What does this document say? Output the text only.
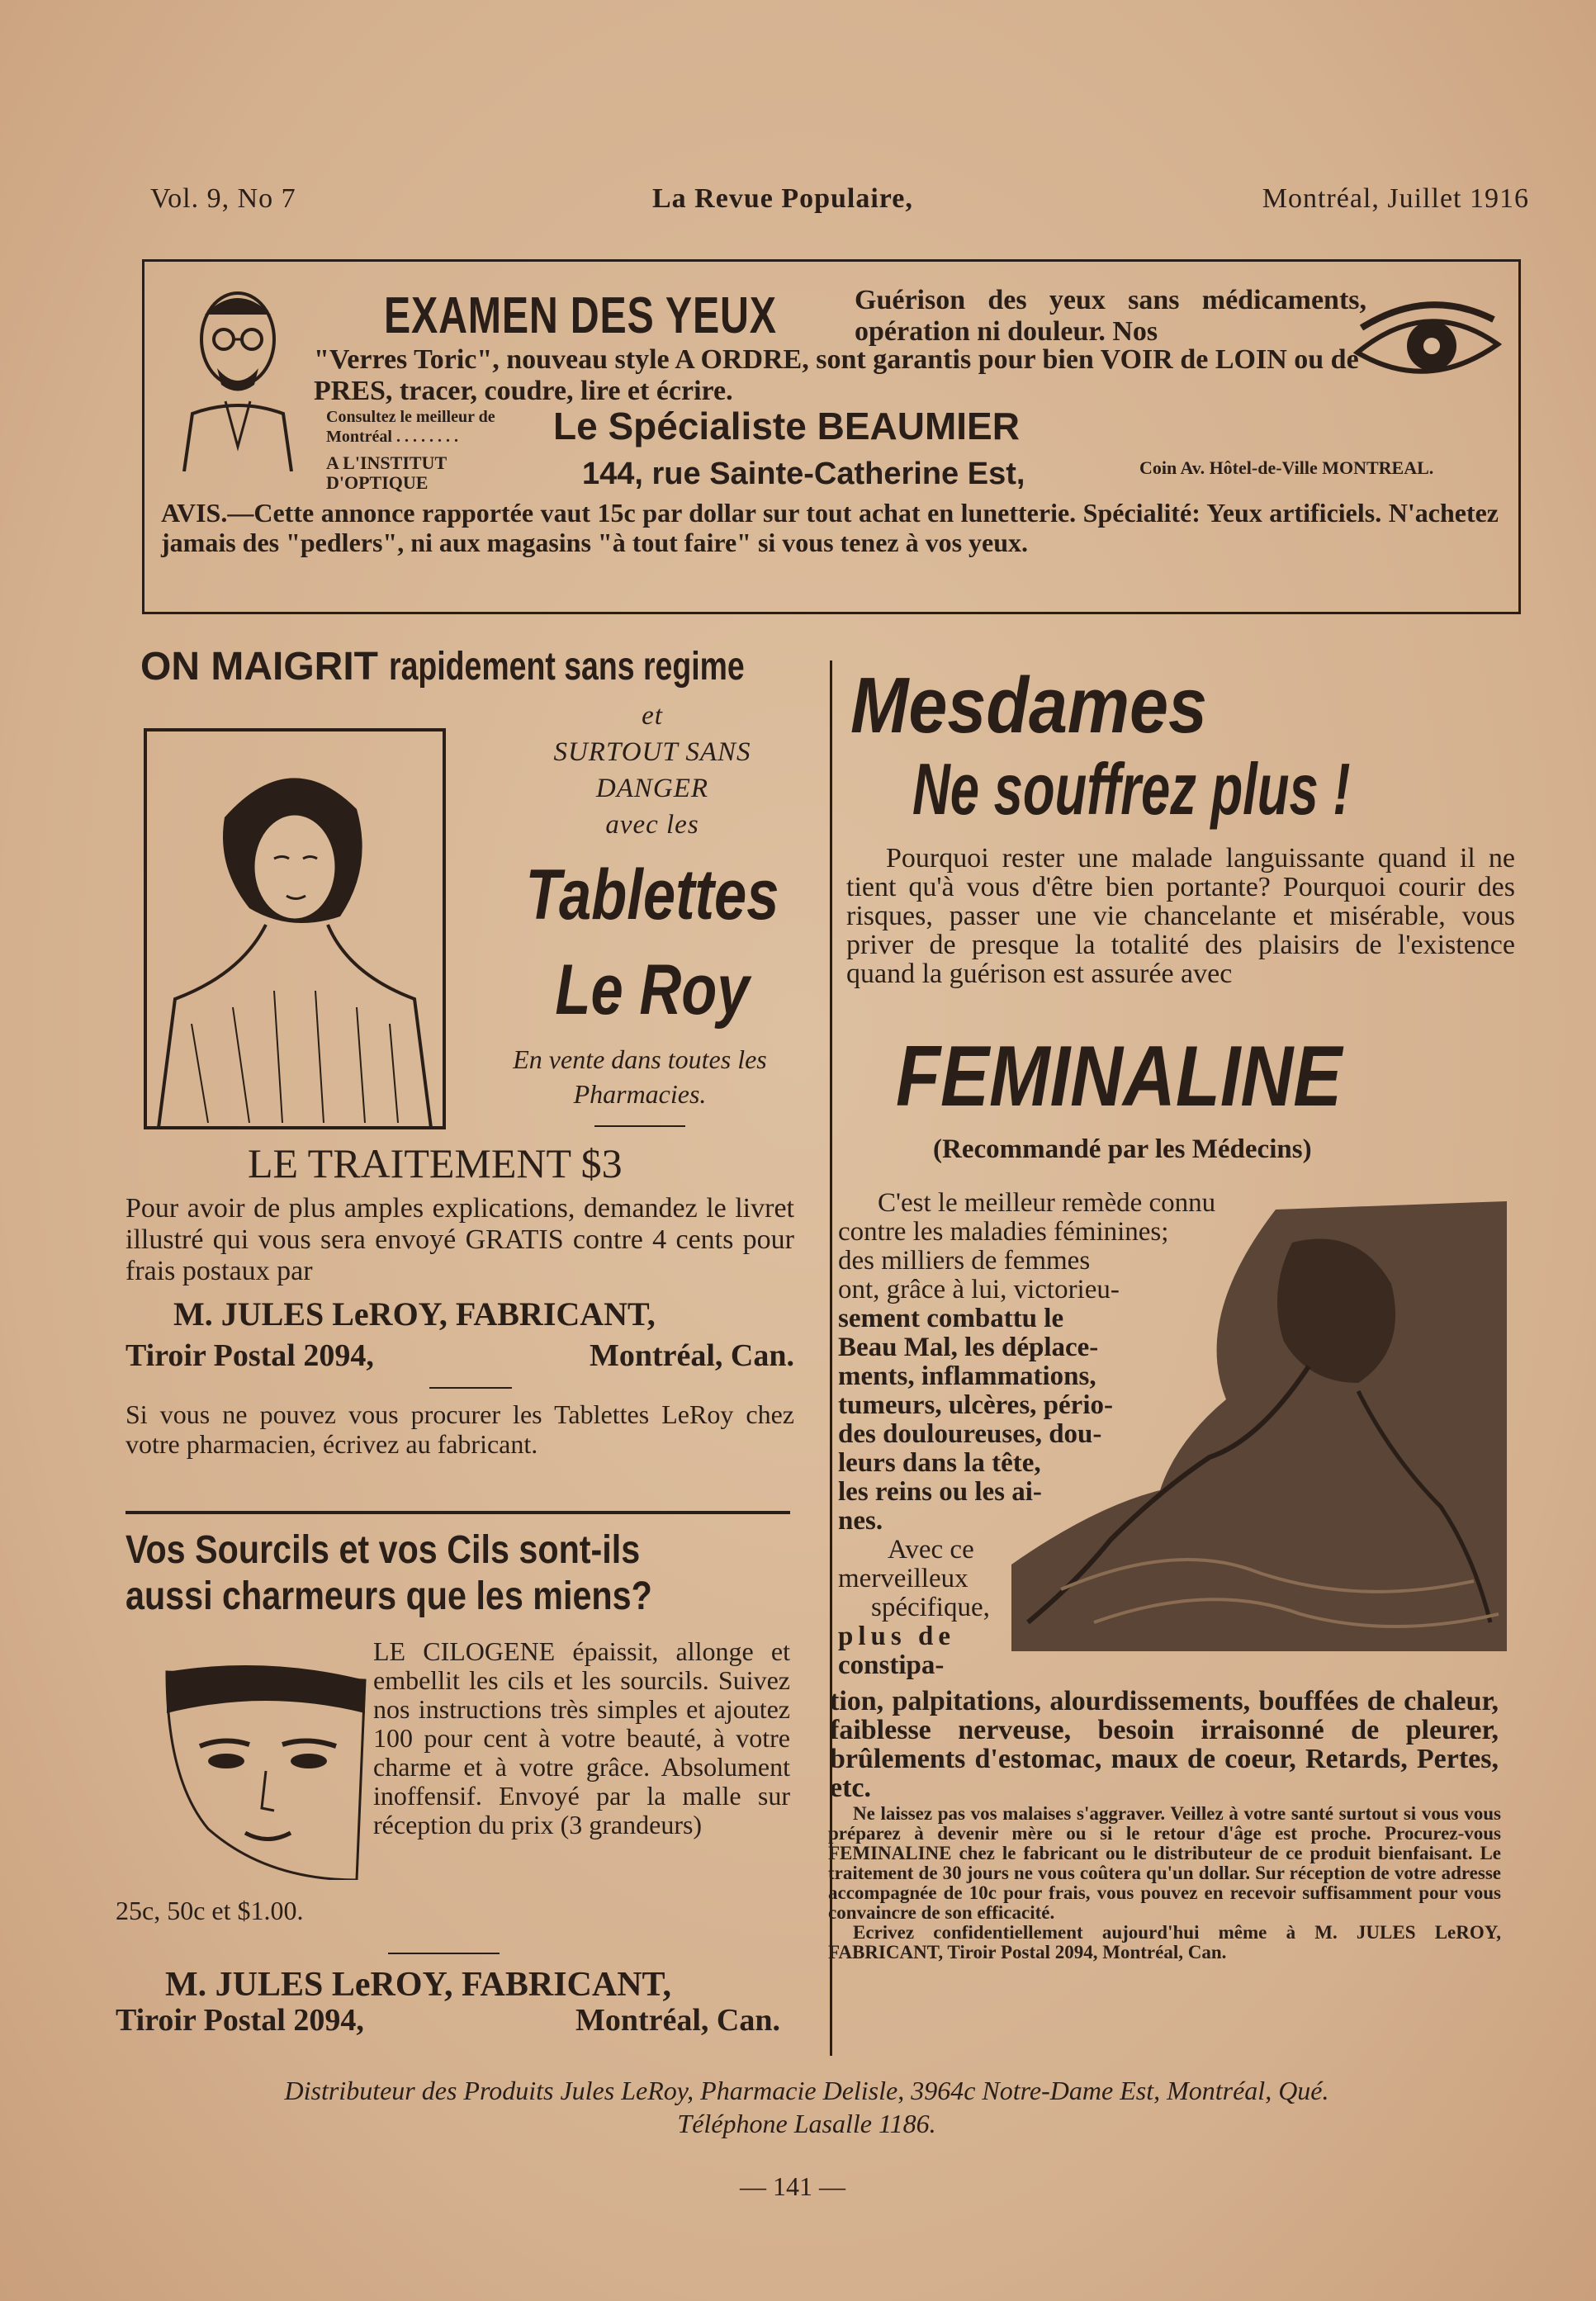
Vol. 9, No 7	La Revue Populaire,	Montréal, Juillet 1916
EXAMEN DES YEUX	Guérison des yeux sans médicaments, opération ni douleur. Nos
"Verres Toric", nouveau style A ORDRE, sont garantis pour bien VOIR de LOIN ou de PRES, tracer, coudre, lire et écrire.
Consultez le meilleur de Montréal . . . . . . . .	Le Spécialiste BEAUMIER
A L'INSTITUT D'OPTIQUE	144, rue Sainte-Catherine Est,	Coin Av. Hôtel-de-Ville MONTREAL.
AVIS.—Cette annonce rapportée vaut 15c par dollar sur tout achat en lunetterie. Spécialité: Yeux artificiels. N'achetez jamais des "pedlers", ni aux magasins "à tout faire" si vous tenez à vos yeux.
ON MAIGRIT rapidement sans regime
et
SURTOUT SANS DANGER
avec les
Tablettes
Le Roy
En vente dans toutes les Pharmacies.
LE TRAITEMENT $3
Pour avoir de plus amples explications, demandez le livret illustré qui vous sera envoyé GRATIS contre 4 cents pour frais postaux par
M. JULES LeROY, FABRICANT,
Tiroir Postal 2094,	Montréal, Can.
Si vous ne pouvez vous procurer les Tablettes LeRoy chez votre pharmacien, écrivez au fabricant.
Vos Sourcils et vos Cils sont-ils
aussi charmeurs que les miens?
LE CILOGENE épaissit, allonge et embellit les cils et les sourcils. Suivez nos instructions très simples et ajoutez 100 pour cent à votre beauté, à votre charme et à votre grâce. Absolument inoffensif. Envoyé par la malle sur réception du prix (3 grandeurs)
25c, 50c et $1.00.
M. JULES LeROY, FABRICANT,
Tiroir Postal 2094,	Montréal, Can.
Mesdames
Ne souffrez plus !
Pourquoi rester une malade languissante quand il ne tient qu'à vous d'être bien portante? Pourquoi courir des risques, passer une vie chancelante et misérable, vous priver de presque la totalité des plaisirs de l'existence quand la guérison est assurée avec
FEMINALINE
(Recommandé par les Médecins)
C'est le meilleur remède connu
contre les maladies féminines;
des milliers de femmes
ont, grâce à lui, victorieu-
sement combattu le
Beau Mal, les déplace-
ments, inflammations,
tumeurs, ulcères, pério-
des douloureuses, dou-
leurs dans la tête,
les reins ou les ai-
nes.
Avec ce
merveilleux
spécifique,
plus de
constipa-
tion, palpitations, alourdissements, bouffées de chaleur, faiblesse nerveuse, besoin irraisonné de pleurer, brûlements d'estomac, maux de coeur, Retards, Pertes, etc.
Ne laissez pas vos malaises s'aggraver. Veillez à votre santé surtout si vous vous préparez à devenir mère ou si le retour d'âge est proche. Procurez-vous FEMINALINE chez le fabricant ou le distributeur de ce produit bienfaisant. Le traitement de 30 jours ne vous coûtera qu'un dollar. Sur réception de votre adresse accompagnée de 10c pour frais, vous pouvez en recevoir suffisamment pour vous convaincre de son efficacité.
Ecrivez confidentiellement aujourd'hui même à M. JULES LeROY, FABRICANT, Tiroir Postal 2094, Montréal, Can.
Distributeur des Produits Jules LeRoy, Pharmacie Delisle, 3964c Notre-Dame Est, Montréal, Qué.
Téléphone Lasalle 1186.
— 141 —
